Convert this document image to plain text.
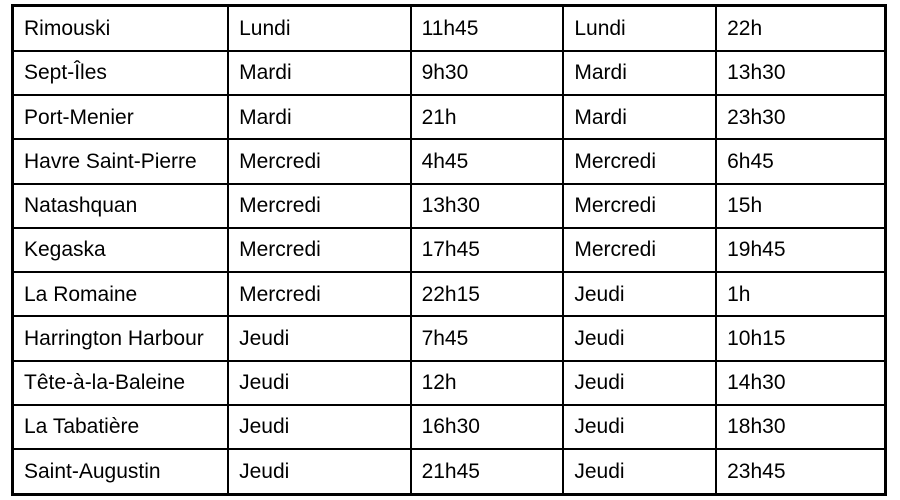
Rimouski	Lundi	11h45	Lundi	22h
Sept-Îles	Mardi	9h30	Mardi	13h30
Port-Menier	Mardi	21h	Mardi	23h30
Havre Saint-Pierre	Mercredi	4h45	Mercredi	6h45
Natashquan	Mercredi	13h30	Mercredi	15h
Kegaska	Mercredi	17h45	Mercredi	19h45
La Romaine	Mercredi	22h15	Jeudi	1h
Harrington Harbour	Jeudi	7h45	Jeudi	10h15
Tête-à-la-Baleine	Jeudi	12h	Jeudi	14h30
La Tabatière	Jeudi	16h30	Jeudi	18h30
Saint-Augustin	Jeudi	21h45	Jeudi	23h45
